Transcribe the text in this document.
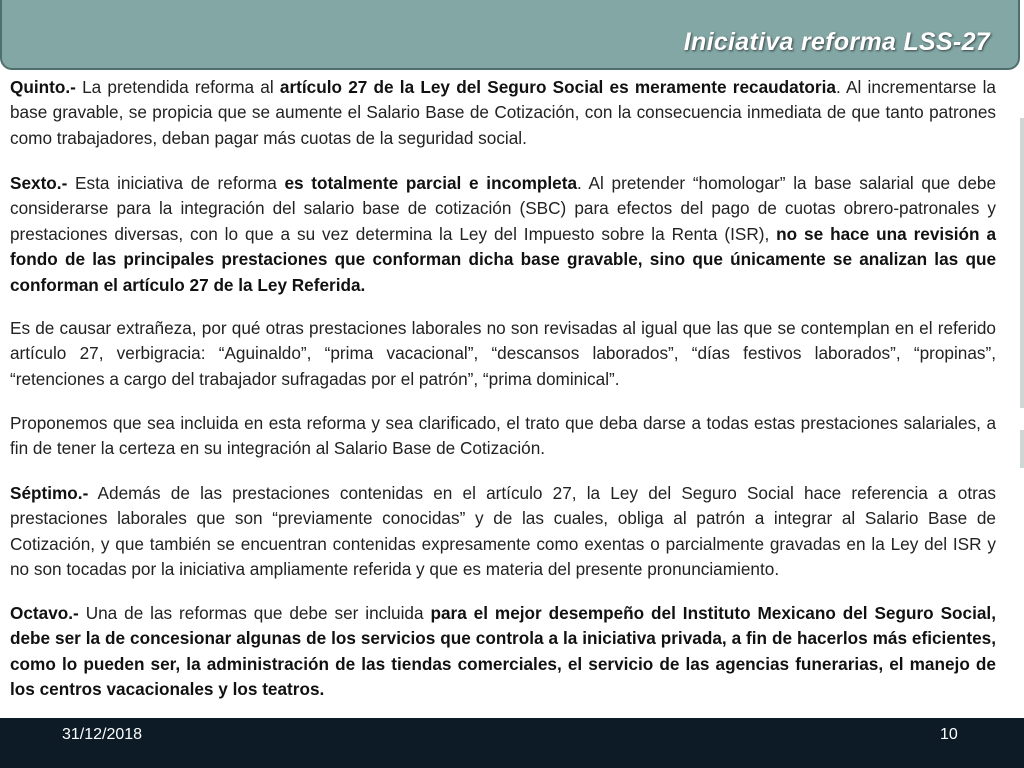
Iniciativa reforma LSS-27

Quinto.- La pretendida reforma al artículo 27 de la Ley del Seguro Social es meramente recaudatoria. Al incrementarse la base gravable, se propicia que se aumente el Salario Base de Cotización, con la consecuencia inmediata de que tanto patrones como trabajadores, deban pagar más cuotas de la seguridad social.

Sexto.- Esta iniciativa de reforma es totalmente parcial e incompleta. Al pretender “homologar” la base salarial que debe considerarse para la integración del salario base de cotización (SBC) para efectos del pago de cuotas obrero-patronales y prestaciones diversas, con lo que a su vez determina la Ley del Impuesto sobre la Renta (ISR), no se hace una revisión a fondo de las principales prestaciones que conforman dicha base gravable, sino que únicamente se analizan las que conforman el artículo 27 de la Ley Referida.

Es de causar extrañeza, por qué otras prestaciones laborales no son revisadas al igual que las que se contemplan en el referido artículo 27, verbigracia: “Aguinaldo”, “prima vacacional”, “descansos laborados”, “días festivos laborados”, “propinas”, “retenciones a cargo del trabajador sufragadas por el patrón”, “prima dominical”.

Proponemos que sea incluida en esta reforma y sea clarificado, el trato que deba darse a todas estas prestaciones salariales, a fin de tener la certeza en su integración al Salario Base de Cotización.

Séptimo.- Además de las prestaciones contenidas en el artículo 27, la Ley del Seguro Social hace referencia a otras prestaciones laborales que son “previamente conocidas” y de las cuales, obliga al patrón a integrar al Salario Base de Cotización, y que también se encuentran contenidas expresamente como exentas o parcialmente gravadas en la Ley del ISR y no son tocadas por la iniciativa ampliamente referida y que es materia del presente pronunciamiento.

Octavo.- Una de las reformas que debe ser incluida para el mejor desempeño del Instituto Mexicano del Seguro Social, debe ser la de concesionar algunas de los servicios que controla a la iniciativa privada, a fin de hacerlos más eficientes, como lo pueden ser, la administración de las tiendas comerciales, el servicio de las agencias funerarias, el manejo de los centros vacacionales y los teatros.

31/12/2018	10
